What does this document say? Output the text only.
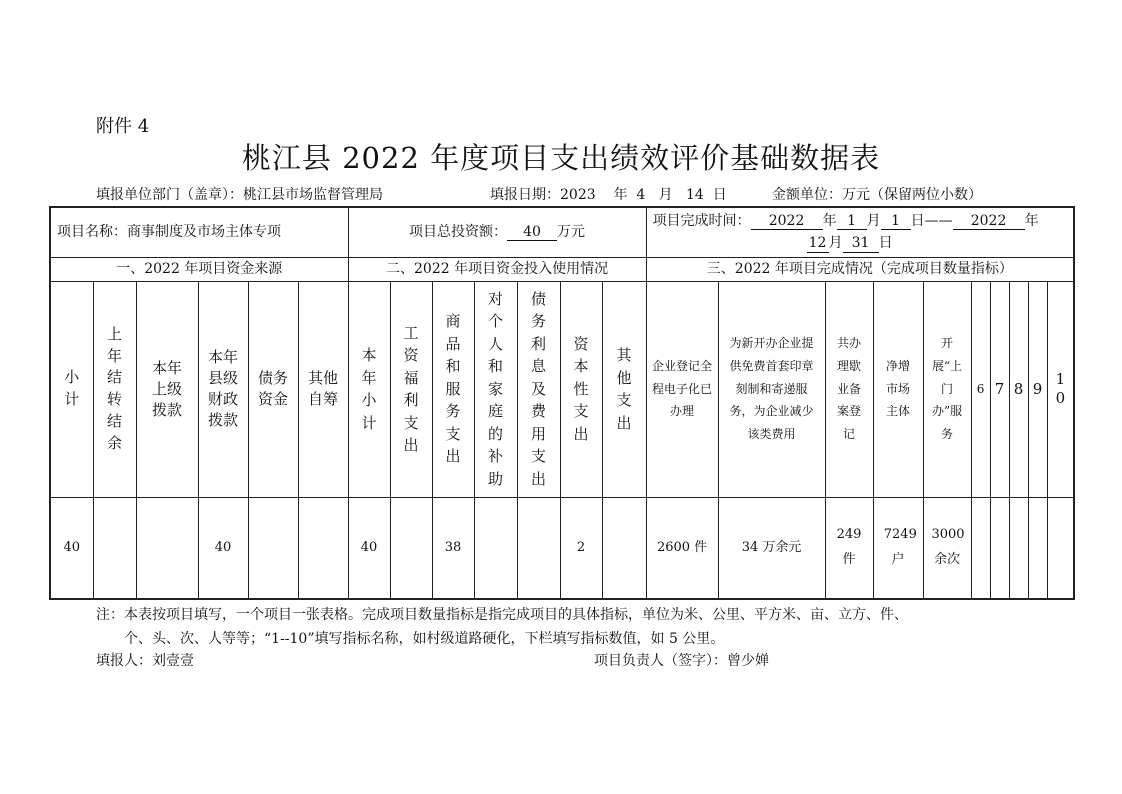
附件 4
桃江县 2022 年度项目支出绩效评价基础数据表
填报单位部门（盖章）：桃江县市场监督管理局	填报日期：2023 年 4 月 14 日	金额单位：万元（保留两位小数）
项目名称：商事制度及市场主体专项						项目总投资额： 40 万元							项目完成时间： 2022 年 1 月 1 日—— 2022 年
12 月 31 日									
一、2022 年项目资金来源						二、2022 年项目资金投入使用情况							三、2022 年项目完成情况（完成项目数量指标）									
小计	上年结转结余	本年上级拨款	本年县级财政拨款	债务资金	其他自筹	本年小计	工资福利支出	商品和服务支出	对个人和家庭的补助	债务利息及费用支出	资本性支出	其他支出	企业登记全程电子化已办理	为新开办企业提供免费首套印章刻制和寄递服务，为企业减少该类费用	共办理歇业备案登记	净增市场主体	开展“上门办”服务	6	7	8	9	10
40			40			40		38			2		2600 件	34 万余元	249件	7249户	3000余次					
注：本表按项目填写，一个项目一张表格。完成项目数量指标是指完成项目的具体指标，单位为米、公里、平方米、亩、立方、件、
个、头、次、人等等；“1--10”填写指标名称，如村级道路硬化，下栏填写指标数值，如 5 公里。
填报人：刘壹壹	项目负责人（签字）：曾少婵
